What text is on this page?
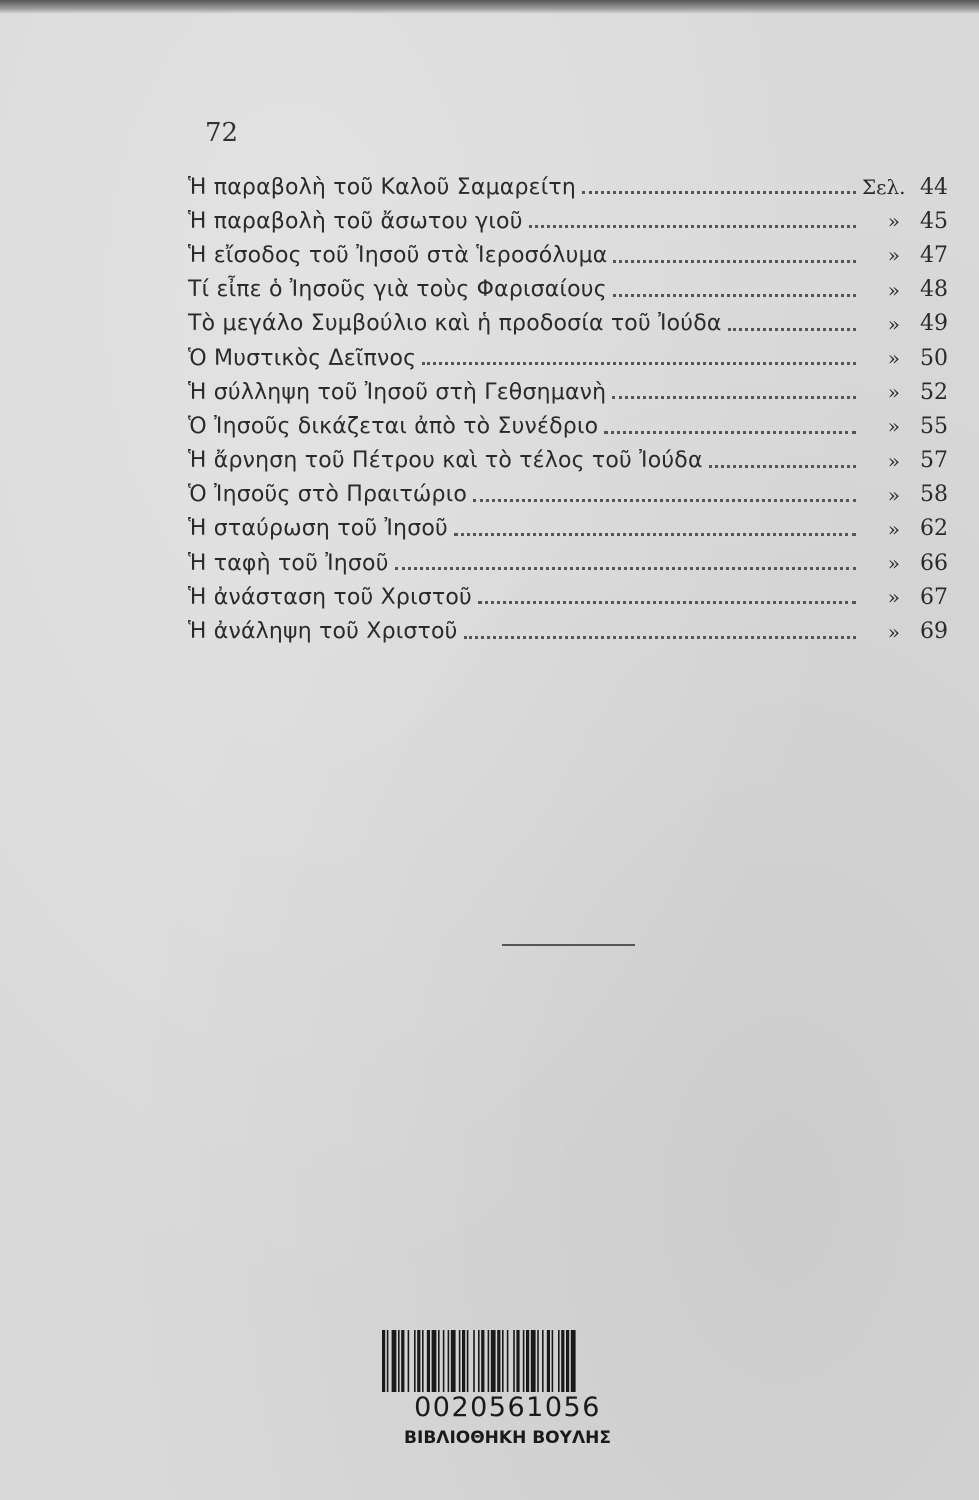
72
Ἡ παραβολὴ τοῦ Καλοῦ Σαμαρείτη	Σελ. 44
Ἡ παραβολὴ τοῦ ἄσωτου γιοῦ	» 45
Ἡ εἴσοδος τοῦ Ἰησοῦ στὰ Ἱεροσόλυμα	» 47
Τί εἶπε ὁ Ἰησοῦς γιὰ τοὺς Φαρισαίους	» 48
Τὸ μεγάλο Συμβούλιο καὶ ἡ προδοσία τοῦ Ἰούδα	» 49
Ὁ Μυστικὸς Δεῖπνος	» 50
Ἡ σύλληψη τοῦ Ἰησοῦ στὴ Γεθσημανὴ	» 52
Ὁ Ἰησοῦς δικάζεται ἀπὸ τὸ Συνέδριο	» 55
Ἡ ἄρνηση τοῦ Πέτρου καὶ τὸ τέλος τοῦ Ἰούδα	» 57
Ὁ Ἰησοῦς στὸ Πραιτώριο	» 58
Ἡ σταύρωση τοῦ Ἰησοῦ	» 62
Ἡ ταφὴ τοῦ Ἰησοῦ	» 66
Ἡ ἀνάσταση τοῦ Χριστοῦ	» 67
Ἡ ἀνάληψη τοῦ Χριστοῦ	» 69
0020561056
ΒΙΒΛΙΟΘΗΚΗ ΒΟΥΛΗΣ
